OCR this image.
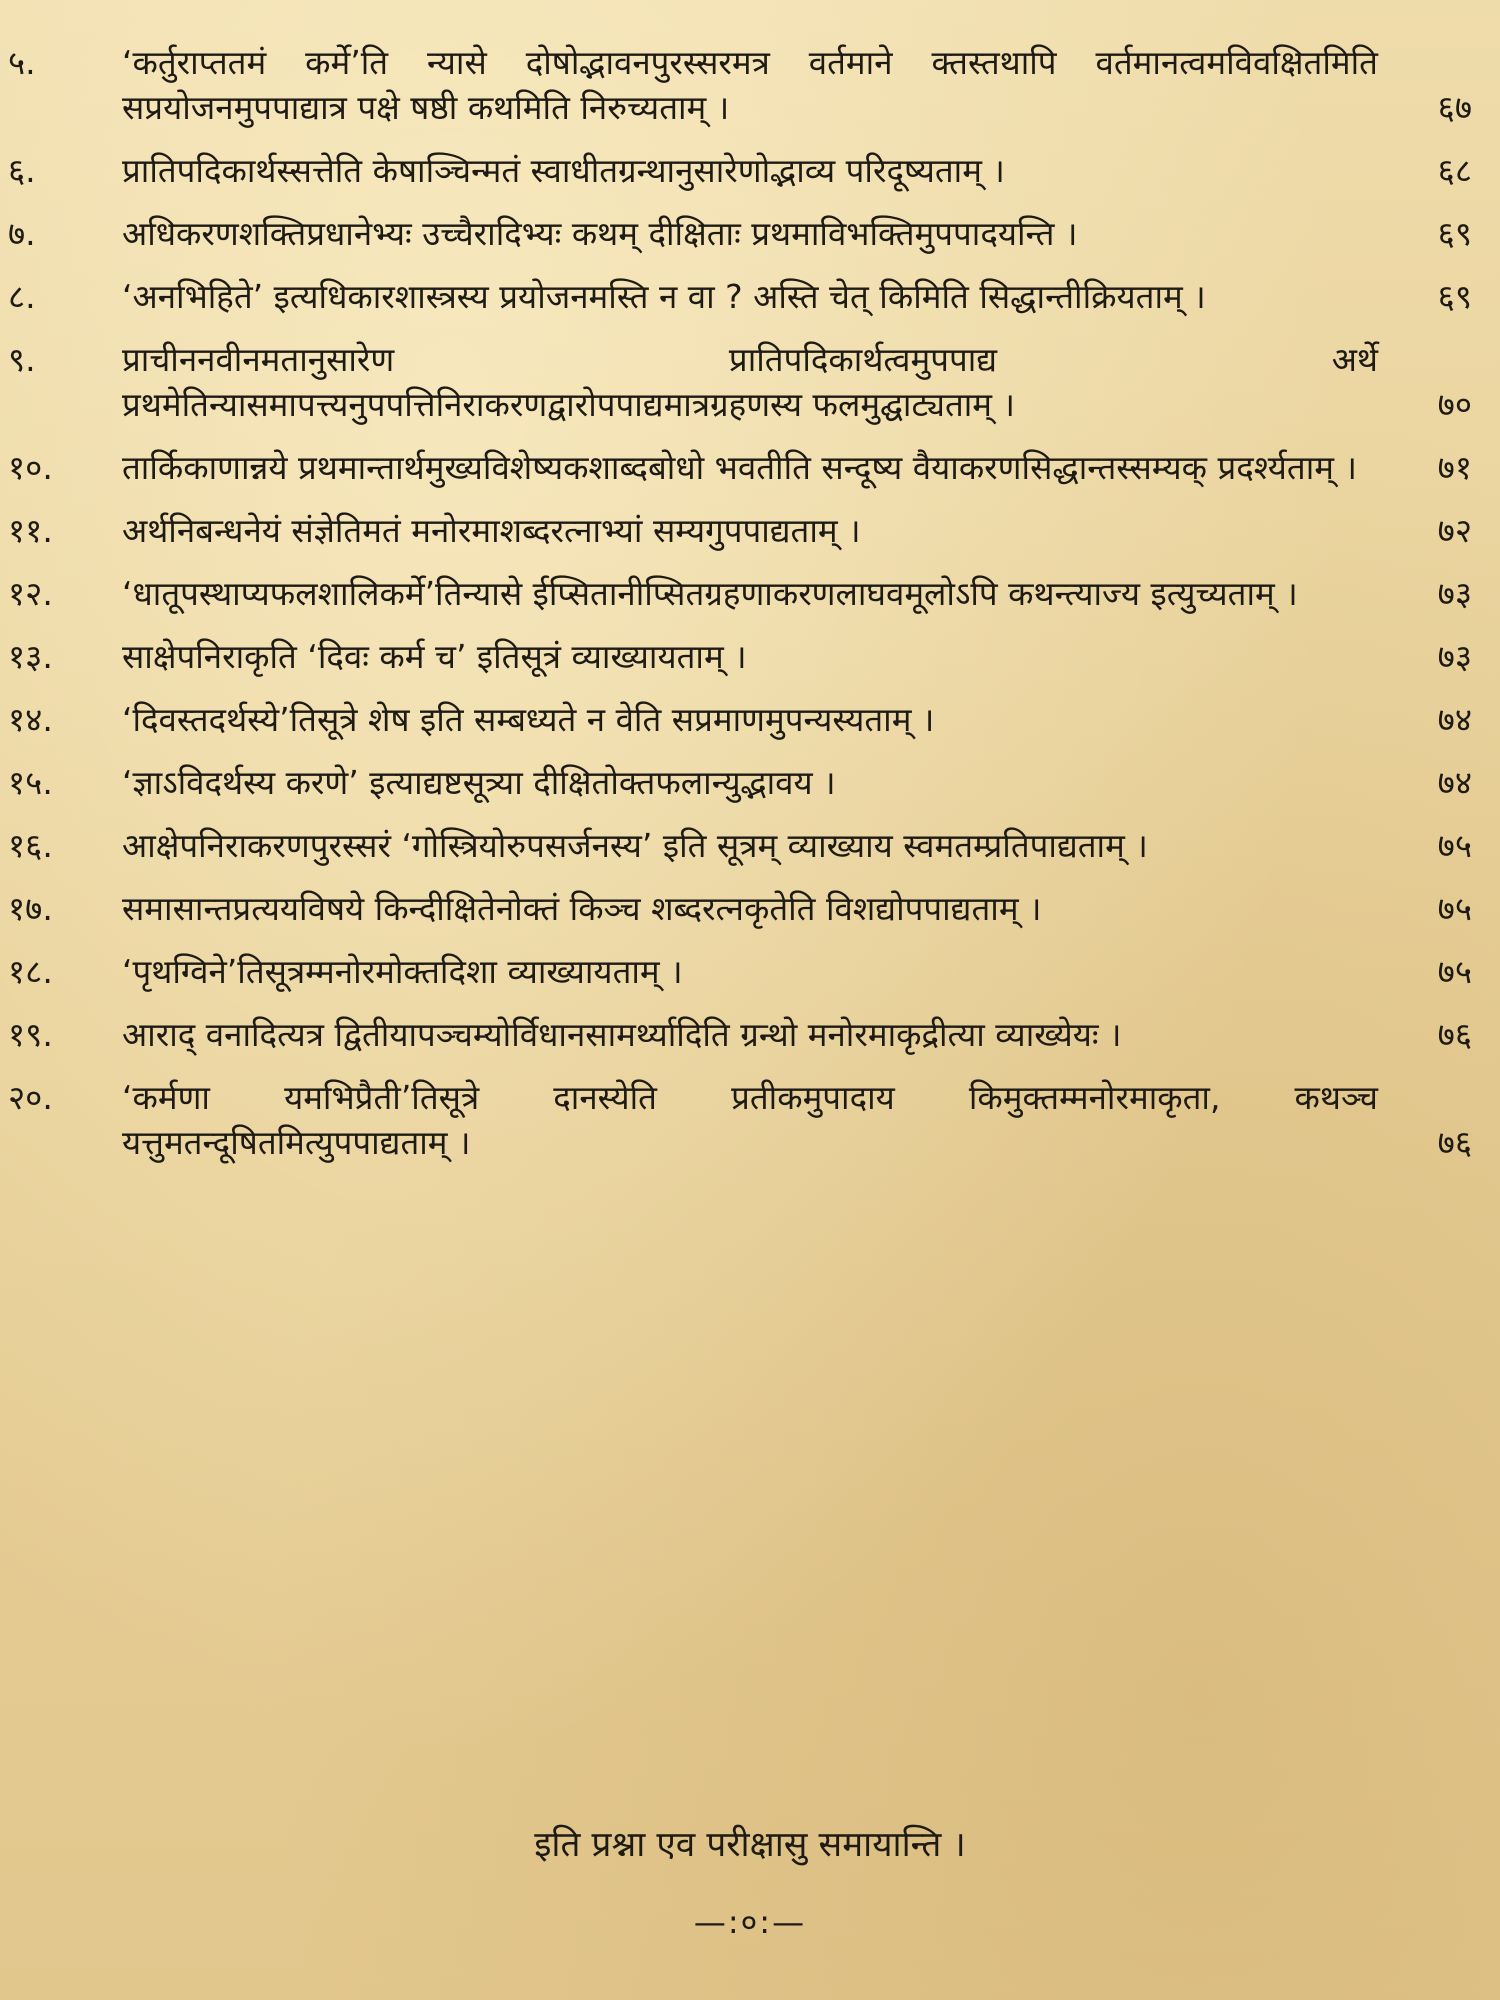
५.	‘कर्तुराप्ततमं कर्मे’ति न्यासे दोषोद्भावनपुरस्सरमत्र वर्तमाने क्तस्तथापि वर्तमानत्वमविवक्षितमिति सप्रयोजनमुपपाद्यात्र पक्षे षष्ठी कथमिति निरुच्यताम् ।	६७
६.	प्रातिपदिकार्थस्सत्तेति केषाञ्चिन्मतं स्वाधीतग्रन्थानुसारेणोद्भाव्य परिदूष्यताम् ।	६८
७.	अधिकरणशक्तिप्रधानेभ्यः उच्चैरादिभ्यः कथम् दीक्षिताः प्रथमाविभक्तिमुपपादयन्ति ।	६९
८.	‘अनभिहिते’ इत्यधिकारशास्त्रस्य प्रयोजनमस्ति न वा ? अस्ति चेत् किमिति सिद्धान्तीक्रियताम् ।	६९
९.	प्राचीननवीनमतानुसारेण प्रातिपदिकार्थत्वमुपपाद्य अर्थे प्रथमेतिन्यासमापत्त्यनुपपत्तिनिराकरणद्वारोपपाद्यमात्रग्रहणस्य फलमुद्घाट्यताम् ।	७०
१०.	तार्किकाणान्नये प्रथमान्तार्थमुख्यविशेष्यकशाब्दबोधो भवतीति सन्दूष्य वैयाकरणसिद्धान्तस्सम्यक् प्रदर्श्यताम् ।	७१
११.	अर्थनिबन्धनेयं संज्ञेतिमतं मनोरमाशब्दरत्नाभ्यां सम्यगुपपाद्यताम् ।	७२
१२.	‘धातूपस्थाप्यफलशालिकर्मे’तिन्यासे ईप्सितानीप्सितग्रहणाकरणलाघवमूलोऽपि कथन्त्याज्य इत्युच्यताम् ।	७३
१३.	साक्षेपनिराकृति ‘दिवः कर्म च’ इतिसूत्रं व्याख्यायताम् ।	७३
१४.	‘दिवस्तदर्थस्ये’तिसूत्रे शेष इति सम्बध्यते न वेति सप्रमाणमुपन्यस्यताम् ।	७४
१५.	‘ज्ञाऽविदर्थस्य करणे’ इत्याद्यष्टसूत्र्या दीक्षितोक्तफलान्युद्भावय ।	७४
१६.	आक्षेपनिराकरणपुरस्सरं ‘गोस्त्रियोरुपसर्जनस्य’ इति सूत्रम् व्याख्याय स्वमतम्प्रतिपाद्यताम् ।	७५
१७.	समासान्तप्रत्ययविषये किन्दीक्षितेनोक्तं किञ्च शब्दरत्नकृतेति विशद्योपपाद्यताम् ।	७५
१८.	‘पृथग्विने’तिसूत्रम्मनोरमोक्तदिशा व्याख्यायताम् ।	७५
१९.	आराद् वनादित्यत्र द्वितीयापञ्चम्योर्विधानसामर्थ्यादिति ग्रन्थो मनोरमाकृद्रीत्या व्याख्येयः ।	७६
२०.	‘कर्मणा यमभिप्रैती’तिसूत्रे दानस्येति प्रतीकमुपादाय किमुक्तम्मनोरमाकृता, कथञ्च यत्तुमतन्दूषितमित्युपपाद्यताम् ।	७६
इति प्रश्ना एव परीक्षासु समायान्ति ।
—:०:—
